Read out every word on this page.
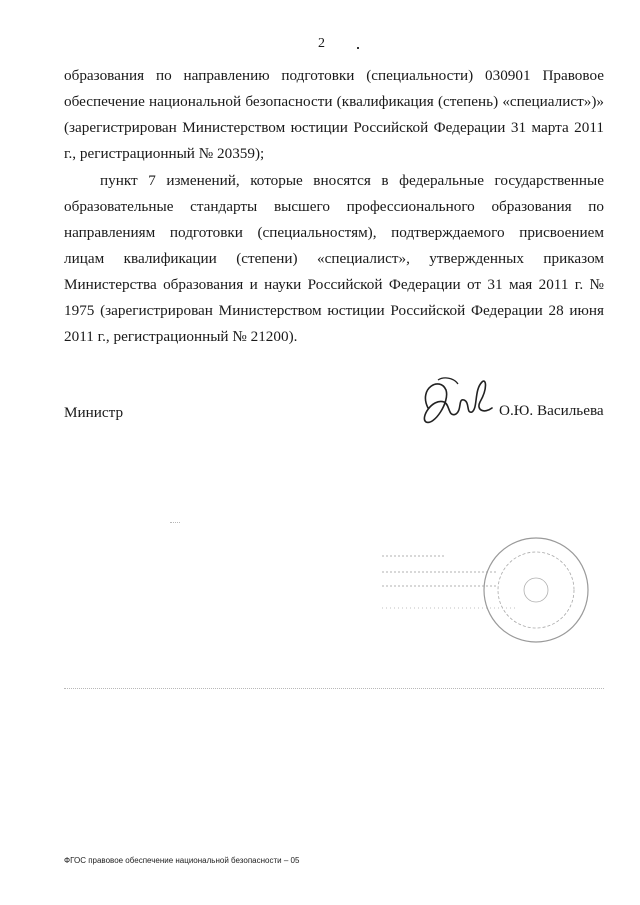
2

образования по направлению подготовки (специальности) 030901 Правовое обеспечение национальной безопасности (квалификация (степень) «специалист»)» (зарегистрирован Министерством юстиции Российской Федерации 31 марта 2011 г., регистрационный № 20359);

пункт 7 изменений, которые вносятся в федеральные государственные образовательные стандарты высшего профессионального образования по направлениям подготовки (специальностям), подтверждаемого присвоением лицам квалификации (степени) «специалист», утвержденных приказом Министерства образования и науки Российской Федерации от 31 мая 2011 г. № 1975 (зарегистрирован Министерством юстиции Российской Федерации 28 июня 2011 г., регистрационный № 21200).

Министр	О.Ю. Васильева
ФГОС правовое обеспечение национальной безопасности – 05
